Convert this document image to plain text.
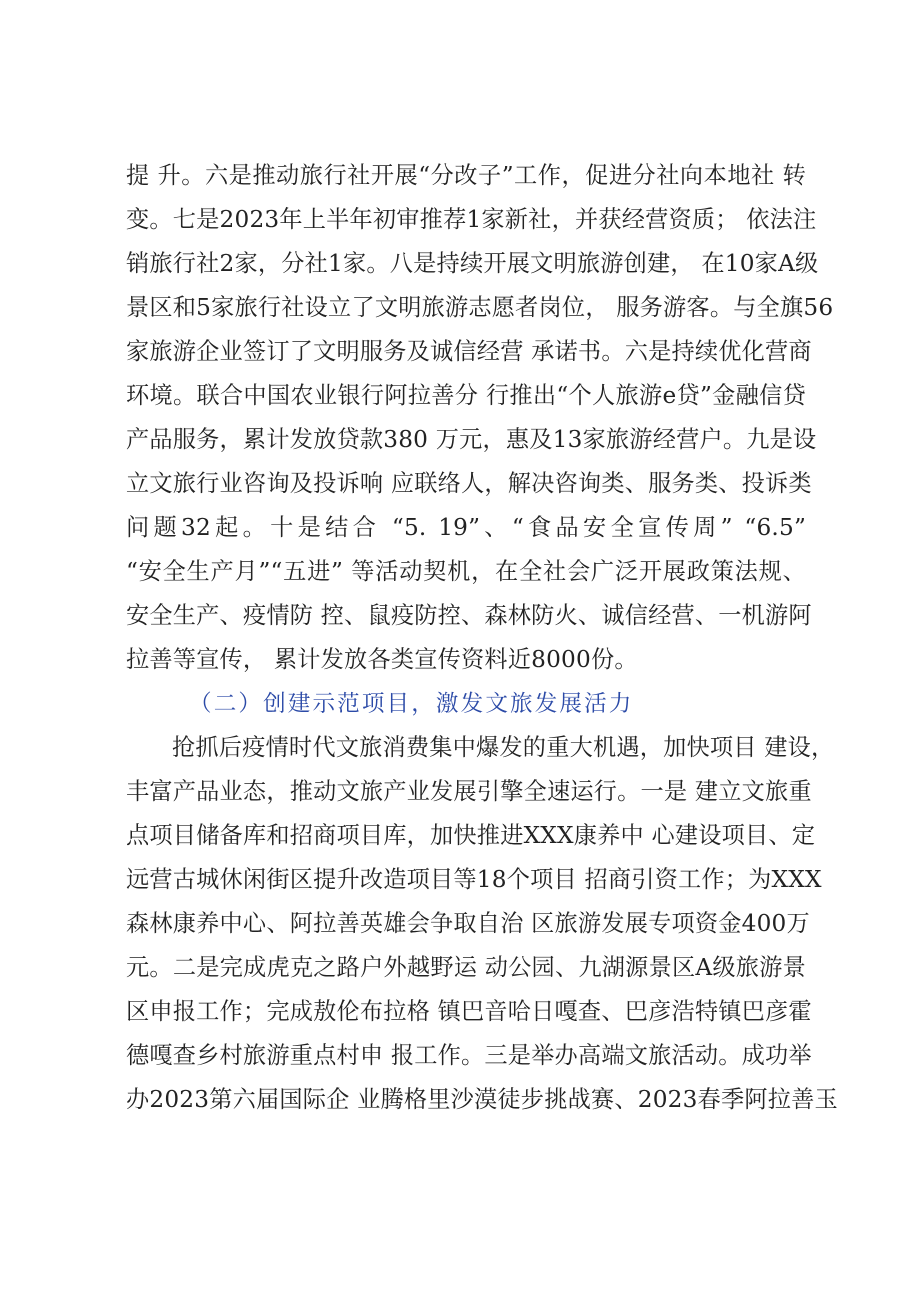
提 升。六是推动旅行社开展“分改子”工作，促进分社向本地社 转
变。七是2023年上半年初审推荐1家新社，并获经营资质； 依法注
销旅行社2家，分社1家。八是持续开展文明旅游创建， 在10家A级
景区和5家旅行社设立了文明旅游志愿者岗位， 服务游客。与全旗56
家旅游企业签订了文明服务及诚信经营 承诺书。六是持续优化营商
环境。联合中国农业银行阿拉善分 行推出“个人旅游e贷”金融信贷
产品服务，累计发放贷款380 万元，惠及13家旅游经营户。九是设
立文旅行业咨询及投诉响 应联络人，解决咨询类、服务类、投诉类
问题32起。十是结合 “5. 19”、“食品安全宣传周” “6.5”
“安全生产月”“五进” 等活动契机，在全社会广泛开展政策法规、
安全生产、疫情防 控、鼠疫防控、森林防火、诚信经营、一机游阿
拉善等宣传， 累计发放各类宣传资料近8000份。
（二）创建示范项目，激发文旅发展活力
抢抓后疫情时代文旅消费集中爆发的重大机遇，加快项目 建设，
丰富产品业态，推动文旅产业发展引擎全速运行。一是 建立文旅重
点项目储备库和招商项目库，加快推进XXX康养中 心建设项目、定
远营古城休闲街区提升改造项目等18个项目 招商引资工作；为XXX
森林康养中心、阿拉善英雄会争取自治 区旅游发展专项资金400万
元。二是完成虎克之路户外越野运 动公园、九湖源景区A级旅游景
区申报工作；完成敖伦布拉格 镇巴音哈日嘎查、巴彦浩特镇巴彦霍
德嘎查乡村旅游重点村申 报工作。三是举办高端文旅活动。成功举
办2023第六届国际企 业腾格里沙漠徒步挑战赛、2023春季阿拉善玉
